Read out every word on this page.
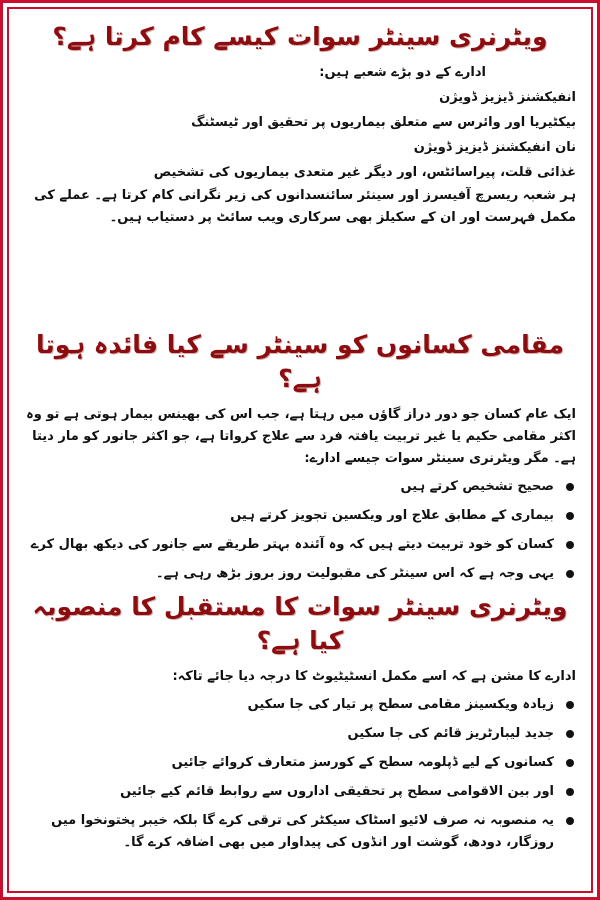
ویٹرنری سینٹر سوات کیسے کام کرتا ہے؟
ادارے کے دو بڑے شعبے ہیں:
انفیکشنز ڈیزیز ڈویژن
بیکٹیریا اور وائرس سے متعلق بیماریوں پر تحقیق اور ٹیسٹنگ
نان انفیکشنز ڈیزیز ڈویژن
غذائی قلت، پیراسائٹس، اور دیگر غیر متعدی بیماریوں کی تشخیص
ہر شعبہ ریسرچ آفیسرز اور سینئر سائنسدانوں کی زیر نگرانی کام کرتا ہے۔ عملے کی مکمل فہرست اور ان کے سکیلز بھی سرکاری ویب سائٹ پر دستیاب ہیں۔
مقامی کسانوں کو سینٹر سے کیا فائدہ ہوتا ہے؟
ایک عام کسان جو دور دراز گاؤں میں رہتا ہے، جب اس کی بھینس بیمار ہوتی ہے تو وہ اکثر مقامی حکیم یا غیر تربیت یافتہ فرد سے علاج کرواتا ہے، جو اکثر جانور کو مار دیتا ہے۔ مگر ویٹرنری سینٹر سوات جیسے ادارے:
صحیح تشخیص کرتے ہیں
بیماری کے مطابق علاج اور ویکسین تجویز کرتے ہیں
کسان کو خود تربیت دیتے ہیں کہ وہ آئندہ بہتر طریقے سے جانور کی دیکھ بھال کرے
یہی وجہ ہے کہ اس سینٹر کی مقبولیت روز بروز بڑھ رہی ہے۔
ویٹرنری سینٹر سوات کا مستقبل کا منصوبہ کیا ہے؟
ادارے کا مشن ہے کہ اسے مکمل انسٹیٹیوٹ کا درجہ دیا جائے تاکہ:
زیادہ ویکسینز مقامی سطح پر تیار کی جا سکیں
جدید لیبارٹریز قائم کی جا سکیں
کسانوں کے لیے ڈپلومہ سطح کے کورسز متعارف کروائے جائیں
اور بین الاقوامی سطح پر تحقیقی اداروں سے روابط قائم کیے جائیں
یہ منصوبہ نہ صرف لائیو اسٹاک سیکٹر کی ترقی کرے گا بلکہ خیبر پختونخوا میں روزگار، دودھ، گوشت اور انڈوں کی پیداوار میں بھی اضافہ کرے گا۔
